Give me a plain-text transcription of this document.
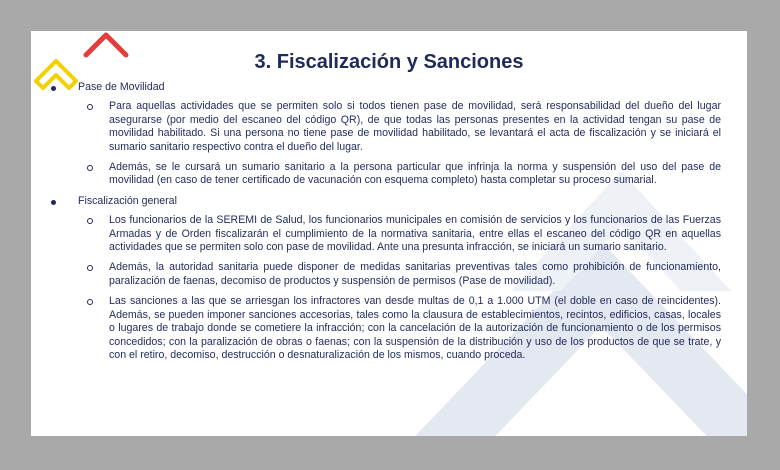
3. Fiscalización y Sanciones
Pase de Movilidad
Para aquellas actividades que se permiten solo si todos tienen pase de movilidad, será responsabilidad del dueño del lugar asegurarse (por medio del escaneo del código QR), de que todas las personas presentes en la actividad tengan su pase de movilidad habilitado. Si una persona no tiene pase de movilidad habilitado, se levantará el acta de fiscalización y se iniciará el sumario sanitario respectivo contra el dueño del lugar.
Además, se le cursará un sumario sanitario a la persona particular que infrinja la norma y suspensión del uso del pase de movilidad (en caso de tener certificado de vacunación con esquema completo) hasta completar su proceso sumarial.
Fiscalización general
Los funcionarios de la SEREMI de Salud, los funcionarios municipales en comisión de servicios y los funcionarios de las Fuerzas Armadas y de Orden fiscalizarán el cumplimiento de la normativa sanitaria, entre ellas el escaneo del código QR en aquellas actividades que se permiten solo con pase de movilidad. Ante una presunta infracción, se iniciará un sumario sanitario.
Además, la autoridad sanitaria puede disponer de medidas sanitarias preventivas tales como prohibición de funcionamiento, paralización de faenas, decomiso de productos y suspensión de permisos (Pase de movilidad).
Las sanciones a las que se arriesgan los infractores van desde multas de 0,1 a 1.000 UTM (el doble en caso de reincidentes). Además, se pueden imponer sanciones accesorias, tales como la clausura de establecimientos, recintos, edificios, casas, locales o lugares de trabajo donde se cometiere la infracción; con la cancelación de la autorización de funcionamiento o de los permisos concedidos; con la paralización de obras o faenas; con la suspensión de la distribución y uso de los productos de que se trate, y con el retiro, decomiso, destrucción o desnaturalización de los mismos, cuando proceda.
